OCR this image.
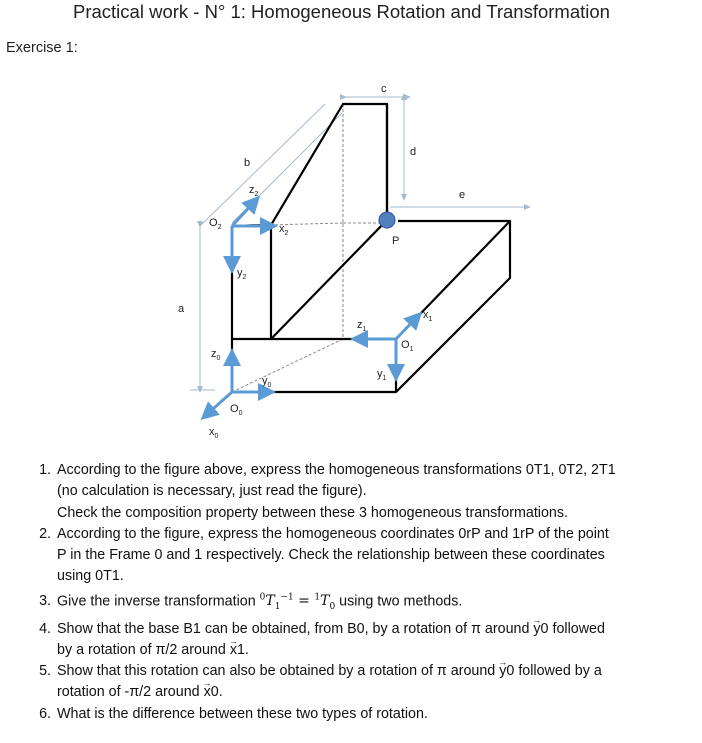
Practical work - N° 1: Homogeneous Rotation and Transformation
Exercise 1:
c
d
b
e
a
P
$O_2$
$z_2$
$x_2$
$y_2$
$z_1$
$x_1$
$O_1$
$y_1$
$z_0$
$y_0$
$O_0$
$x_0$
1. According to the figure above, express the homogeneous transformations 0T1, 0T2, 2T1
(no calculation is necessary, just read the figure).
Check the composition property between these 3 homogeneous transformations.
2. According to the figure, express the homogeneous coordinates 0rP and 1rP of the point
P in the Frame 0 and 1 respectively. Check the relationship between these coordinates
using 0T1.
3. Give the inverse transformation $^0T_1^{-1} = ^1T_0$ using two methods.
4. Show that the base B1 can be obtained, from B0, by a rotation of π around → y0 followed
by a rotation of π/2 around → x1.
5. Show that this rotation can also be obtained by a rotation of π around → y0 followed by a
rotation of -π/2 around → x0.
6. What is the difference between these two types of rotation.
